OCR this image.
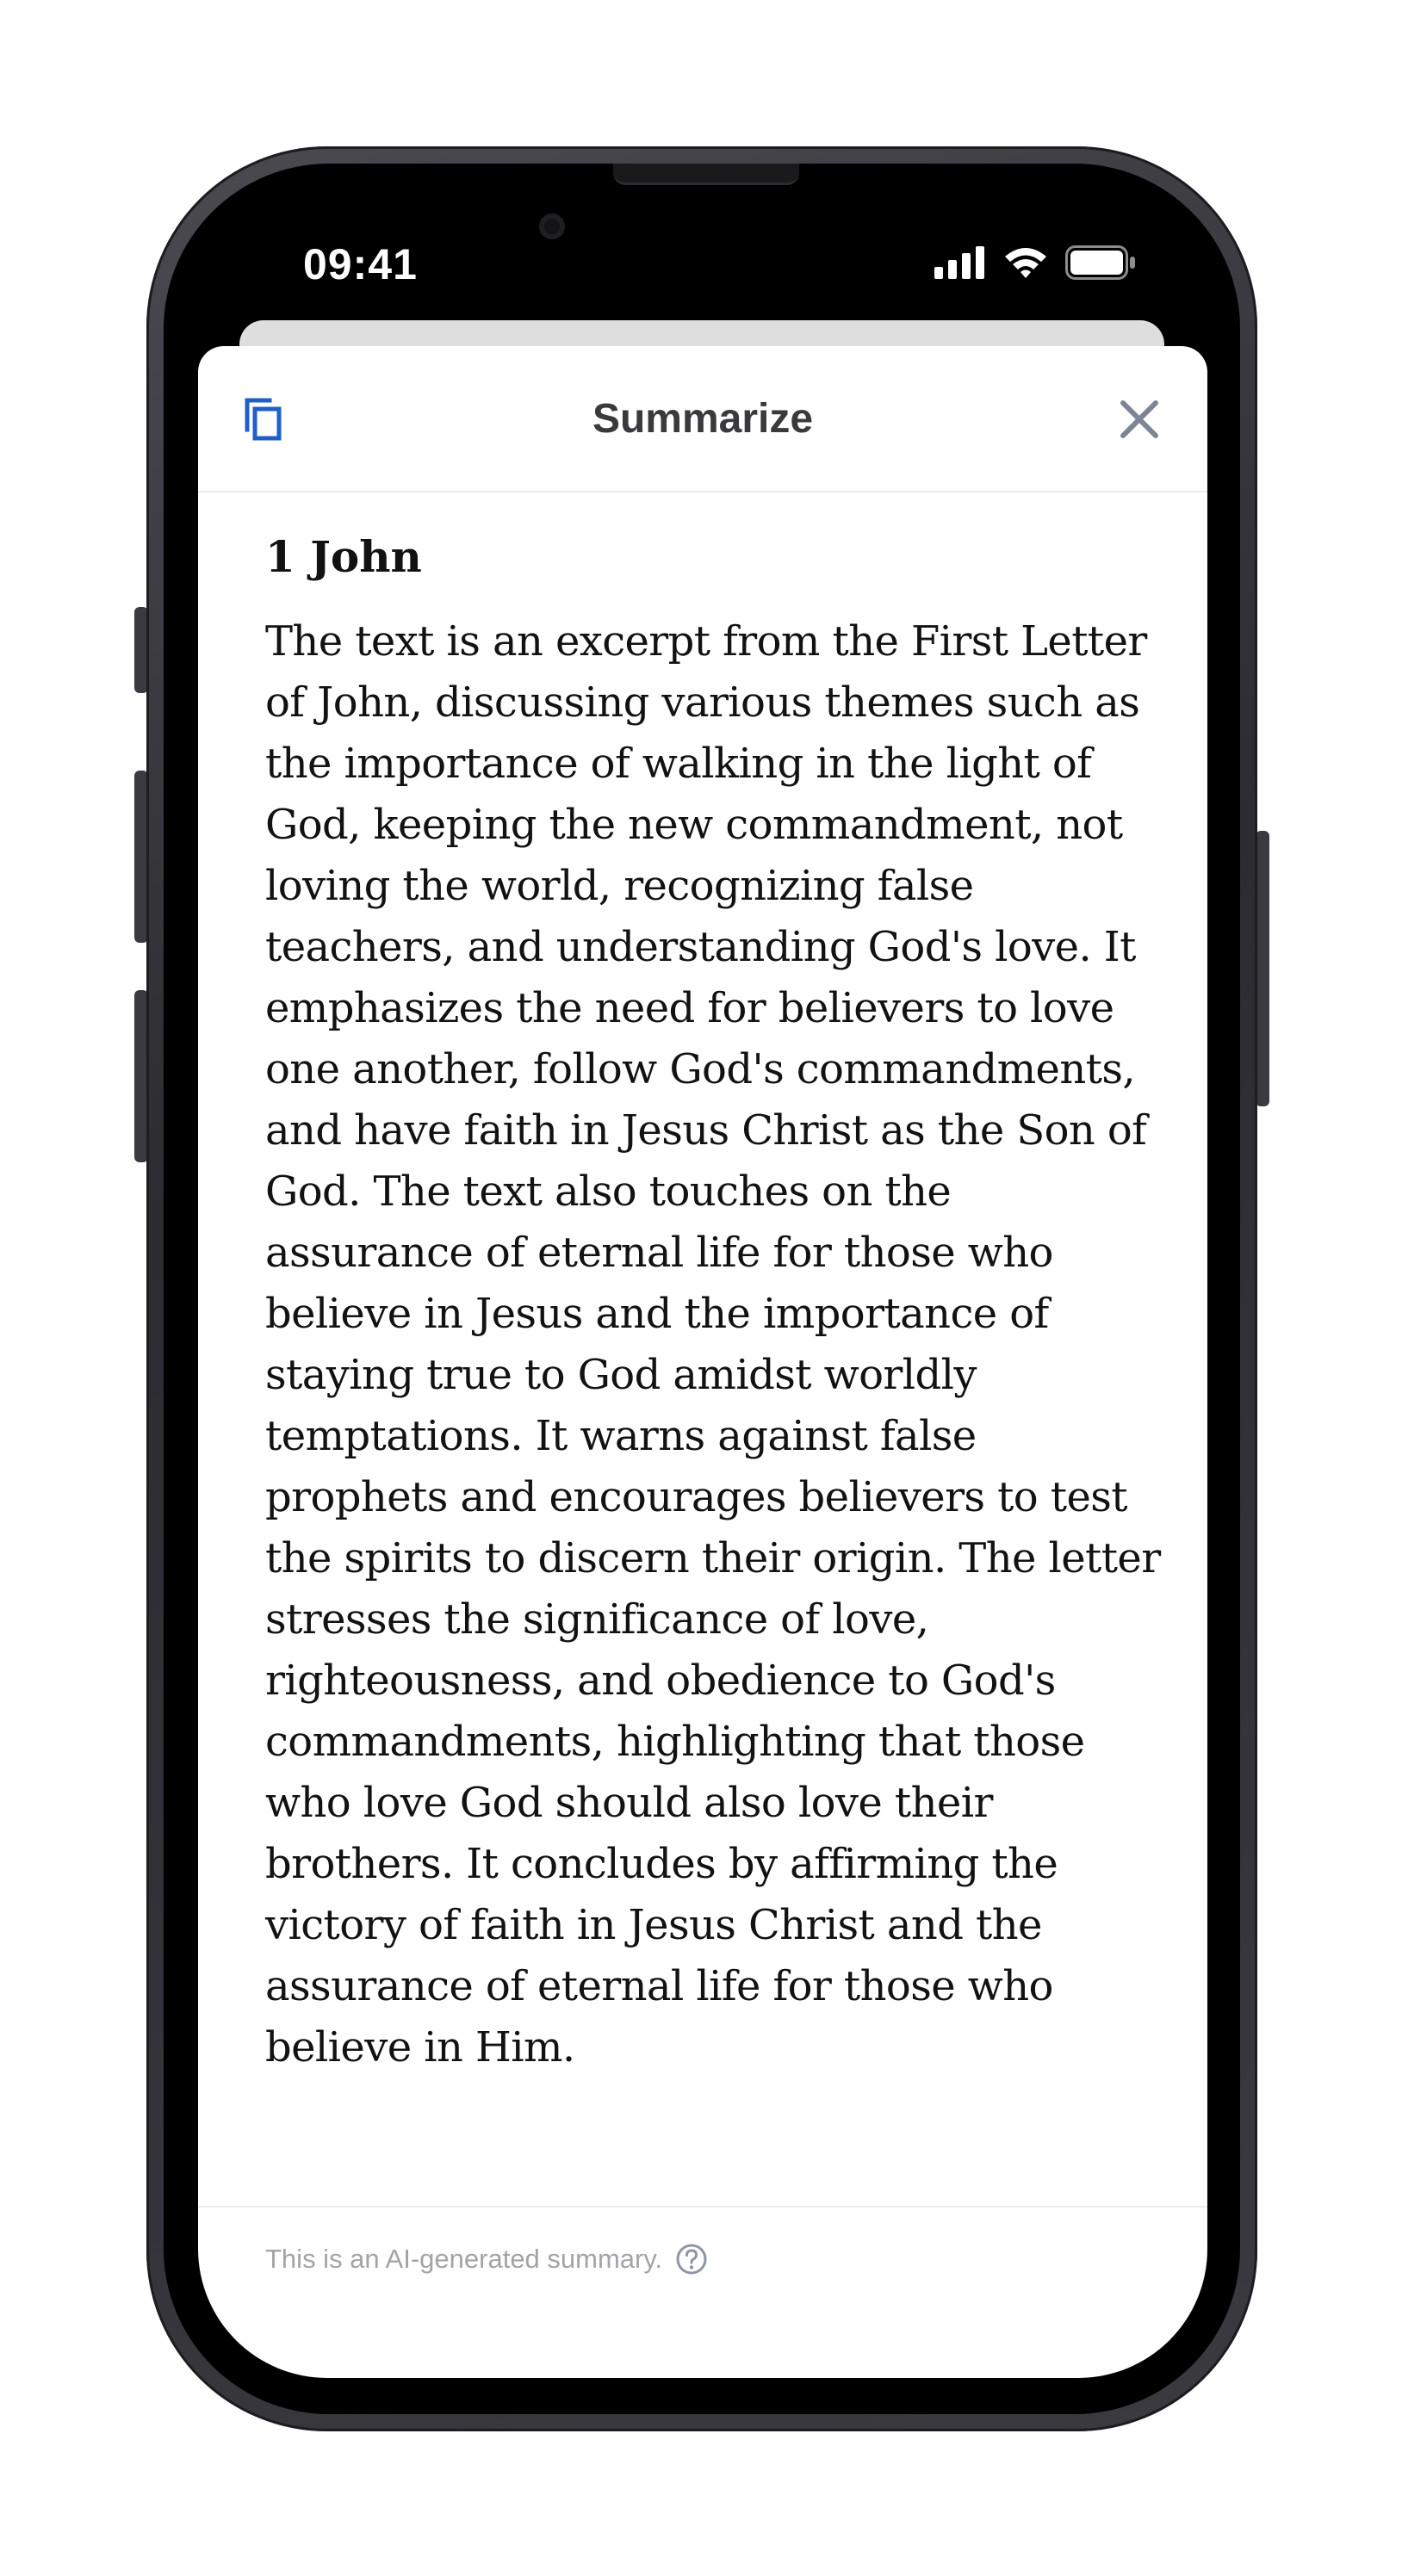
09:41
Summarize
1 John

The text is an excerpt from the First Letter of John, discussing various themes such as the importance of walking in the light of God, keeping the new commandment, not loving the world, recognizing false teachers, and understanding God's love. It emphasizes the need for believers to love one another, follow God's commandments, and have faith in Jesus Christ as the Son of God. The text also touches on the assurance of eternal life for those who believe in Jesus and the importance of staying true to God amidst worldly temptations. It warns against false prophets and encourages believers to test the spirits to discern their origin. The letter stresses the significance of love, righteousness, and obedience to God's commandments, highlighting that those who love God should also love their brothers. It concludes by affirming the victory of faith in Jesus Christ and the assurance of eternal life for those who believe in Him.

This is an AI-generated summary.
